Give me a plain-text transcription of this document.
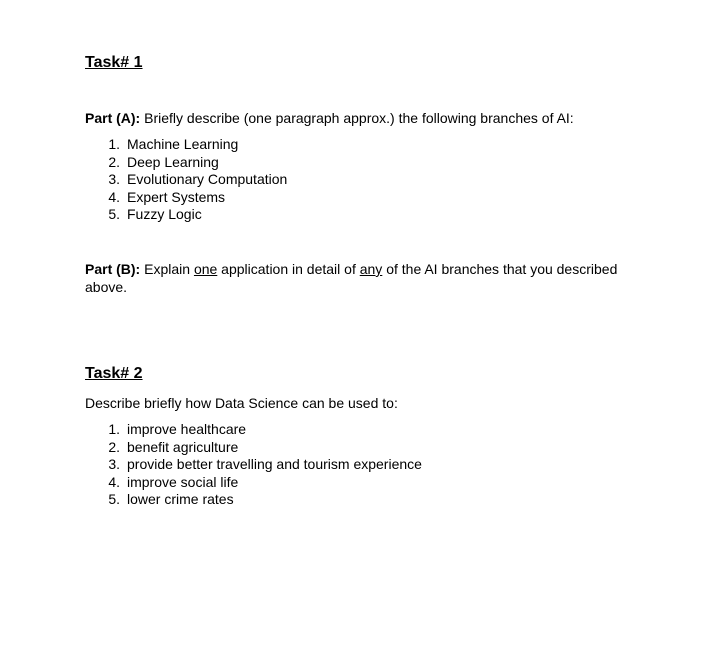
Task# 1

Part (A): Briefly describe (one paragraph approx.) the following branches of AI:

1. Machine Learning
2. Deep Learning
3. Evolutionary Computation
4. Expert Systems
5. Fuzzy Logic

Part (B): Explain one application in detail of any of the AI branches that you described above.

Task# 2

Describe briefly how Data Science can be used to:

1. improve healthcare
2. benefit agriculture
3. provide better travelling and tourism experience
4. improve social life
5. lower crime rates
